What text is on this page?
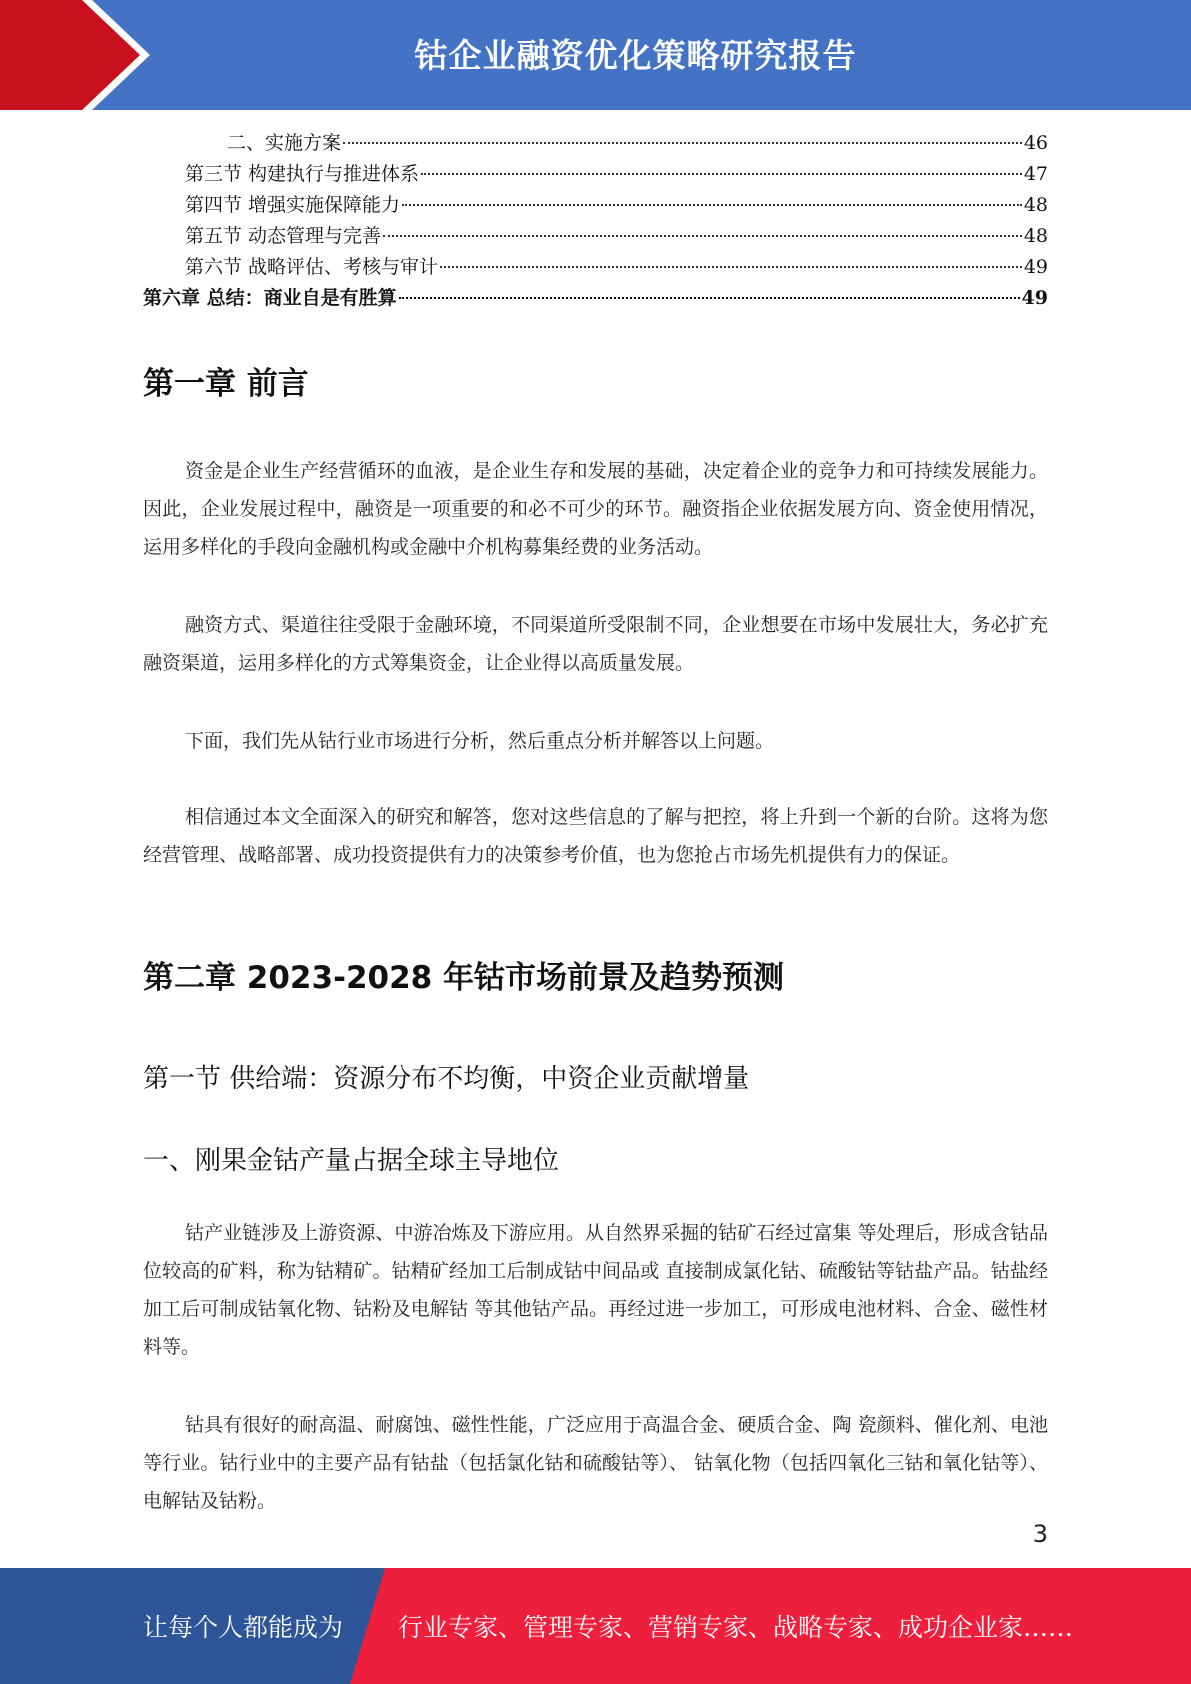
钴企业融资优化策略研究报告
二、实施方案	46
第三节 构建执行与推进体系	47
第四节 增强实施保障能力	48
第五节 动态管理与完善	48
第六节 战略评估、考核与审计	49
第六章 总结：商业自是有胜算	49
第一章 前言

资金是企业生产经营循环的血液，是企业生存和发展的基础，决定着企业的竞争力和可持续发展能力。因此，企业发展过程中，融资是一项重要的和必不可少的环节。融资指企业依据发展方向、资金使用情况，运用多样化的手段向金融机构或金融中介机构募集经费的业务活动。

融资方式、渠道往往受限于金融环境，不同渠道所受限制不同，企业想要在市场中发展壮大，务必扩充融资渠道，运用多样化的方式筹集资金，让企业得以高质量发展。

下面，我们先从钴行业市场进行分析，然后重点分析并解答以上问题。

相信通过本文全面深入的研究和解答，您对这些信息的了解与把控，将上升到一个新的台阶。这将为您经营管理、战略部署、成功投资提供有力的决策参考价值，也为您抢占市场先机提供有力的保证。

第二章 2023-2028 年钴市场前景及趋势预测
第一节 供给端：资源分布不均衡，中资企业贡献增量
一、刚果金钴产量占据全球主导地位

钴产业链涉及上游资源、中游冶炼及下游应用。从自然界采掘的钴矿石经过富集 等处理后，形成含钴品位较高的矿料，称为钴精矿。钴精矿经加工后制成钴中间品或 直接制成氯化钴、硫酸钴等钴盐产品。钴盐经加工后可制成钴氧化物、钴粉及电解钴 等其他钴产品。再经过进一步加工，可形成电池材料、合金、磁性材料等。

钴具有很好的耐高温、耐腐蚀、磁性性能，广泛应用于高温合金、硬质合金、陶 瓷颜料、催化剂、电池等行业。钴行业中的主要产品有钴盐（包括氯化钴和硫酸钴等）、 钴氧化物（包括四氧化三钴和氧化钴等）、电解钴及钴粉。

3
让每个人都能成为 行业专家、管理专家、营销专家、战略专家、成功企业家……
